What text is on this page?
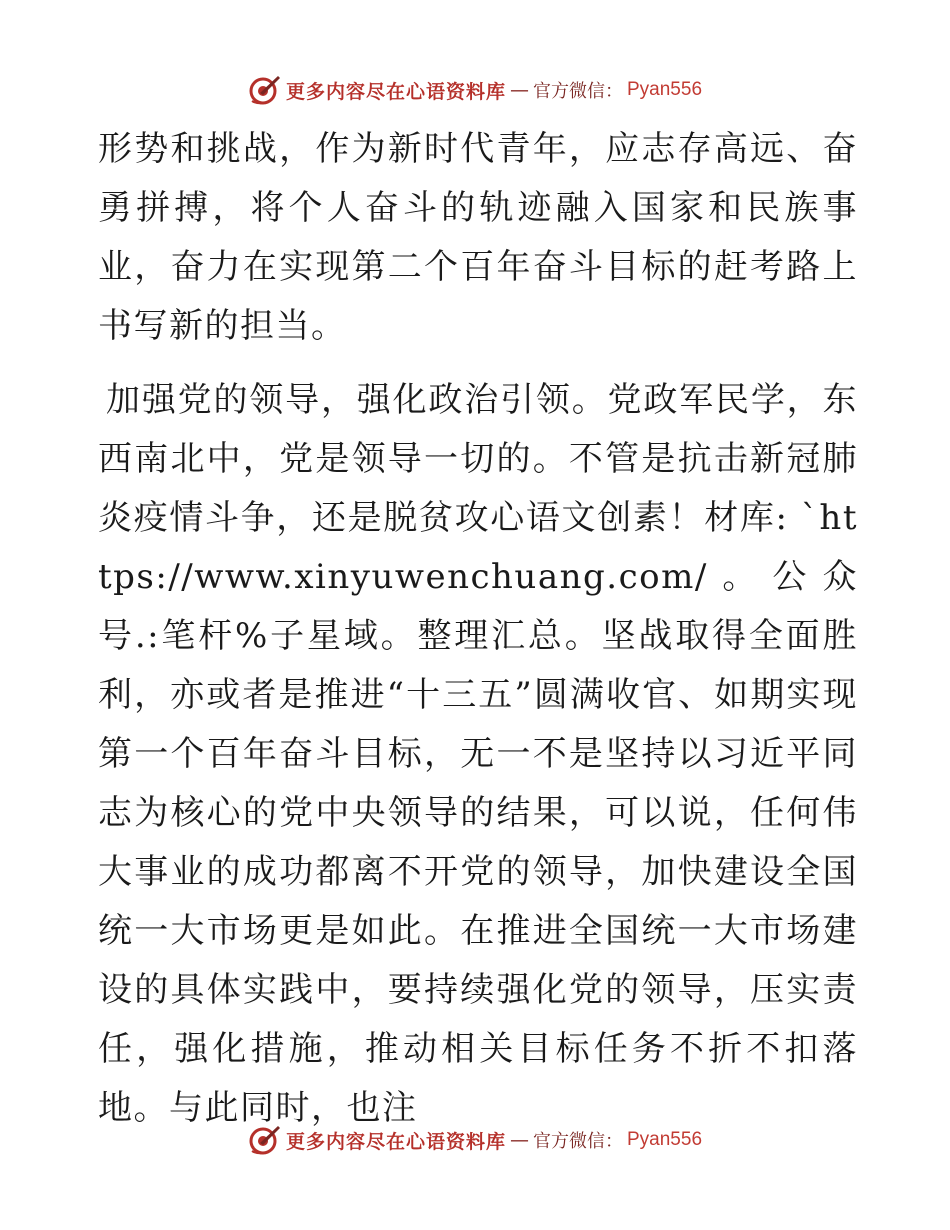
更多内容尽在心语资料库 — 官方微信： Pyan556

形势和挑战，作为新时代青年，应志存高远、奋勇拼搏，将个人奋斗的轨迹融入国家和民族事业，奋力在实现第二个百年奋斗目标的赶考路上书写新的担当。

加强党的领导，强化政治引领。党政军民学，东西南北中，党是领导一切的。不管是抗击新冠肺炎疫情斗争，还是脱贫攻心语文创素！材库: `https://www.xinyuwenchuang.com/。公众号.:笔杆%子星域。整理汇总。坚战取得全面胜利，亦或者是推进“十三五”圆满收官、如期实现第一个百年奋斗目标，无一不是坚持以习近平同志为核心的党中央领导的结果，可以说，任何伟大事业的成功都离不开党的领导，加快建设全国统一大市场更是如此。在推进全国统一大市场建设的具体实践中，要持续强化党的领导，压实责任，强化措施，推动相关目标任务不折不扣落地。与此同时，也注

更多内容尽在心语资料库 — 官方微信： Pyan556
